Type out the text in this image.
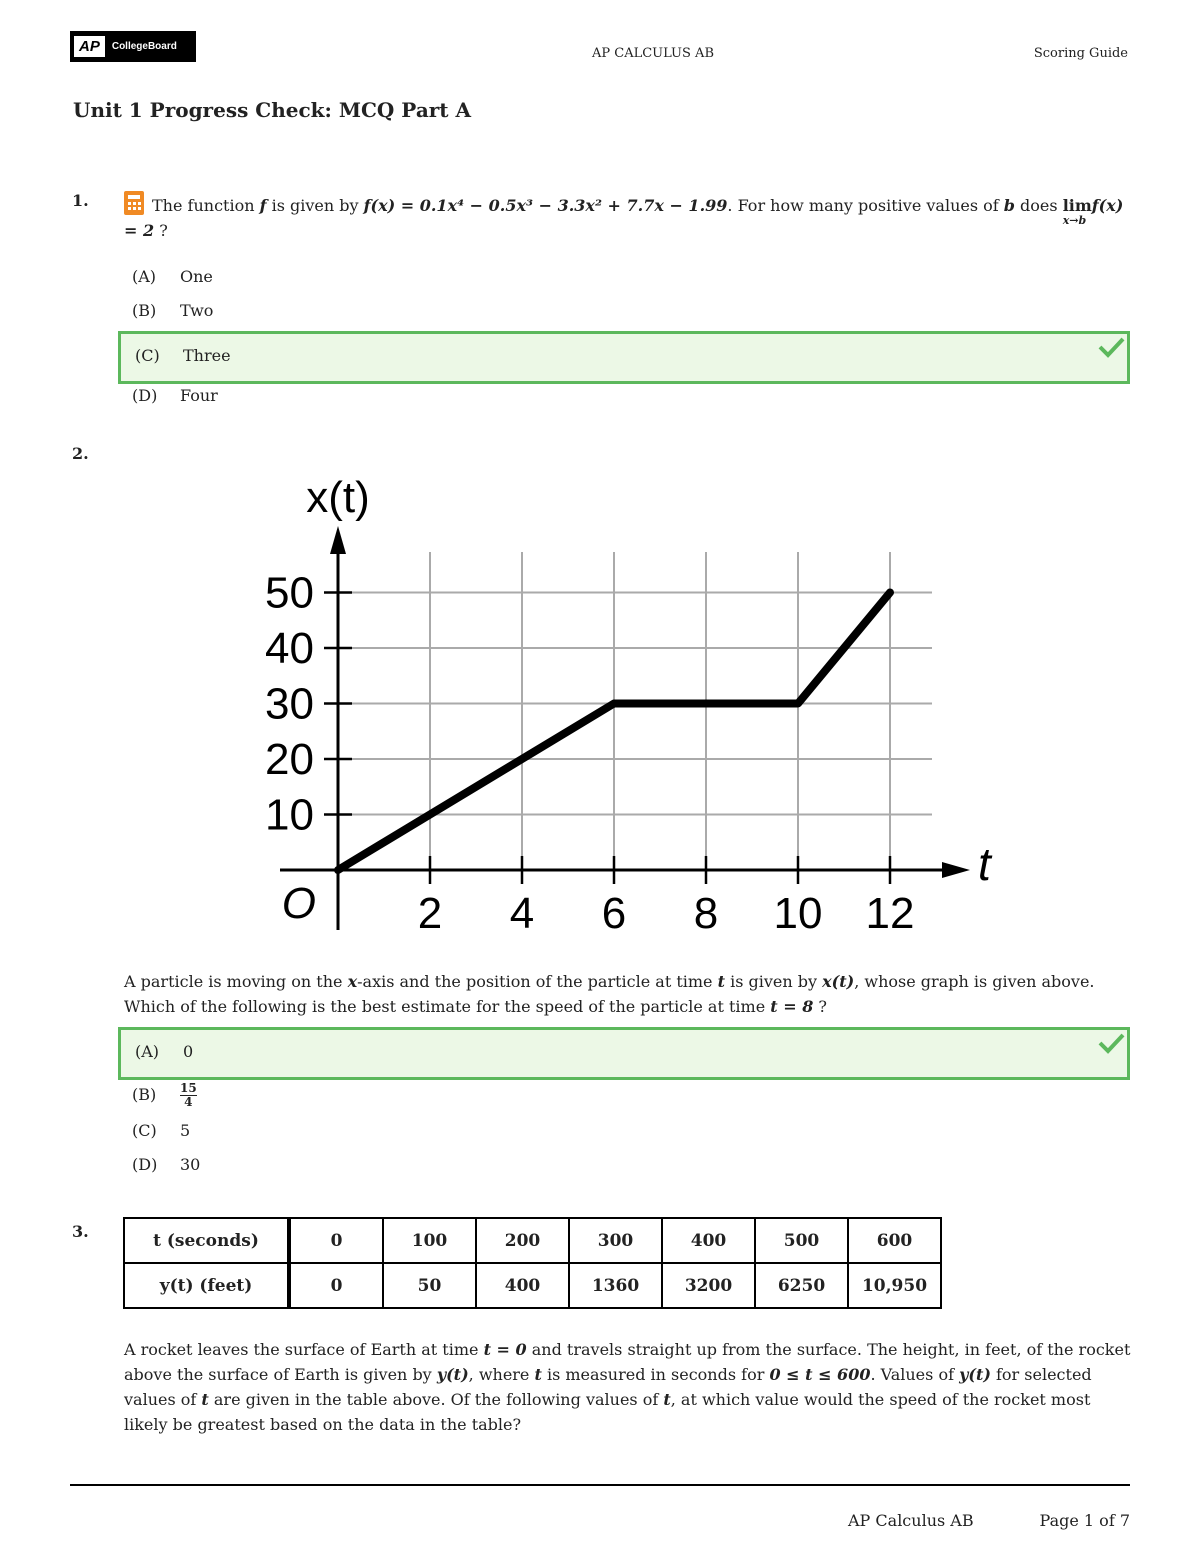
AP	CollegeBoard	AP CALCULUS AB	Scoring Guide
Unit 1 Progress Check: MCQ Part A
1.	The function f is given by f(x) = 0.1x⁴ − 0.5x³ − 3.3x² + 7.7x − 1.99. For how many positive values of b does lim
x→b
f(x) = 2 ?
(A) One
(B) Two
(C) Three
(D) Four
2.
2 4 6 8 10 12
10
20
30
40
50
O
t
x(t)
A particle is moving on the x-axis and the position of the particle at time t is given by x(t), whose graph is given above. Which of the following is the best estimate for the speed of the particle at time t = 8 ?
(A) 0
$(B) \frac{15}{4}$
(C) 5
(D) 30
3.	t (seconds)	0	100	200	300	400	500	600
y(t) (feet)	0	50	400	1360	3200	6250	10,950
A rocket leaves the surface of Earth at time t = 0 and travels straight up from the surface. The height, in feet, of the rocket above the surface of Earth is given by y(t), where t is measured in seconds for 0 ≤ t ≤ 600. Values of y(t) for selected values of t are given in the table above. Of the following values of t, at which value would the speed of the rocket most likely be greatest based on the data in the table?
AP Calculus AB	Page 1 of 7
